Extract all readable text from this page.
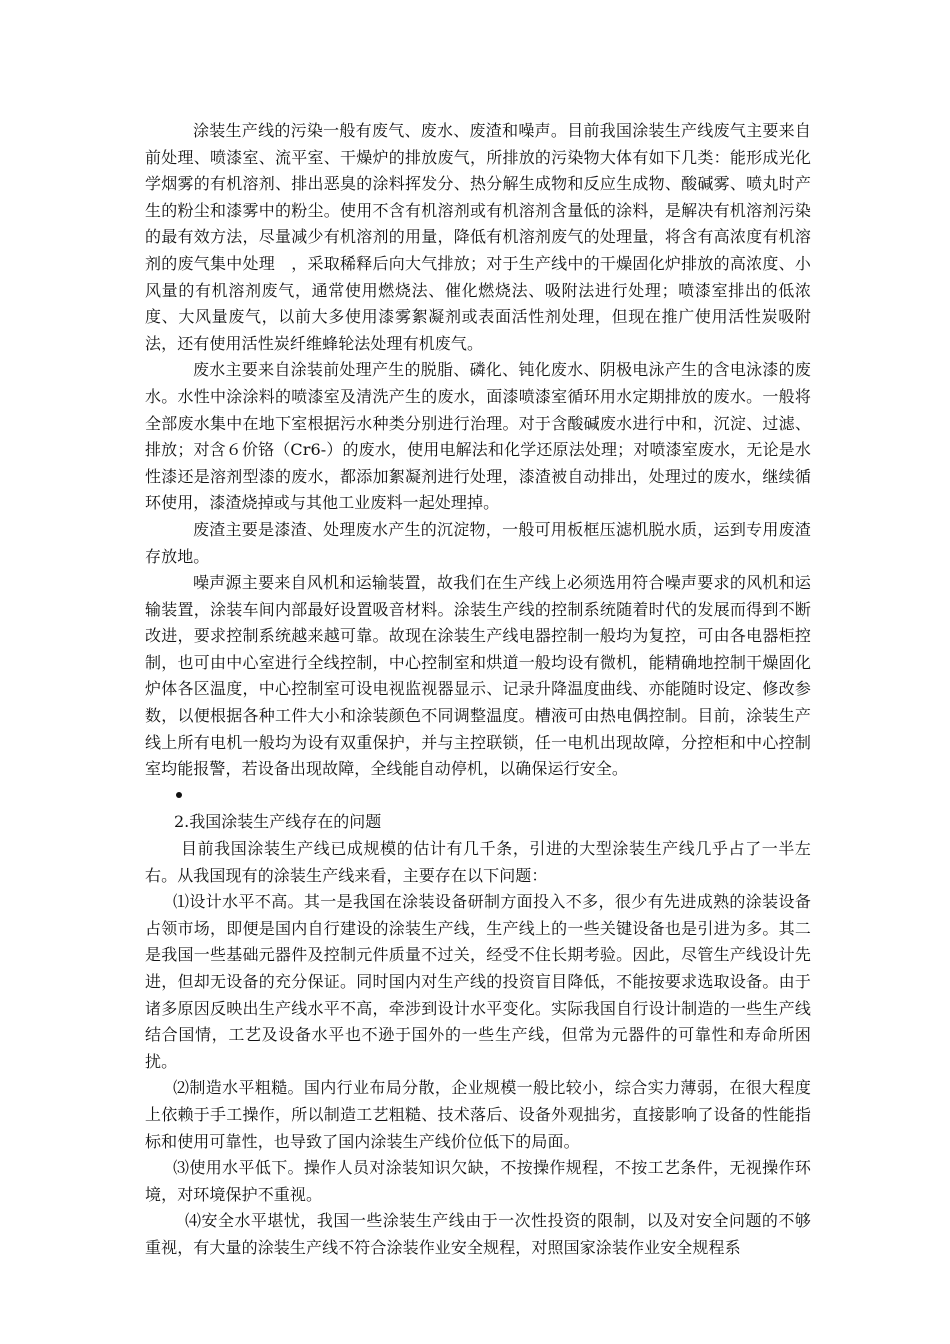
涂装生产线的污染一般有废气、废水、废渣和噪声。目前我国涂装生产线废气主要来自前处理、喷漆室、流平室、干燥炉的排放废气，所排放的污染物大体有如下几类：能形成光化学烟雾的有机溶剂、排出恶臭的涂料挥发分、热分解生成物和反应生成物、酸碱雾、喷丸时产生的粉尘和漆雾中的粉尘。使用不含有机溶剂或有机溶剂含量低的涂料，是解决有机溶剂污染的最有效方法，尽量减少有机溶剂的用量，降低有机溶剂废气的处理量，将含有高浓度有机溶剂的废气集中处理　，采取稀释后向大气排放；对于生产线中的干燥固化炉排放的高浓度、小风量的有机溶剂废气，通常使用燃烧法、催化燃烧法、吸附法进行处理；喷漆室排出的低浓度、大风量废气，以前大多使用漆雾絮凝剂或表面活性剂处理，但现在推广使用活性炭吸附法，还有使用活性炭纤维蜂轮法处理有机废气。

废水主要来自涂装前处理产生的脱脂、磷化、钝化废水、阴极电泳产生的含电泳漆的废水。水性中涂涂料的喷漆室及清洗产生的废水，面漆喷漆室循环用水定期排放的废水。一般将全部废水集中在地下室根据污水种类分别进行治理。对于含酸碱废水进行中和，沉淀、过滤、排放；对含６价铬（Cr6-）的废水，使用电解法和化学还原法处理；对喷漆室废水，无论是水性漆还是溶剂型漆的废水，都添加絮凝剂进行处理，漆渣被自动排出，处理过的废水，继续循环使用，漆渣烧掉或与其他工业废料一起处理掉。

废渣主要是漆渣、处理废水产生的沉淀物，一般可用板框压滤机脱水质，运到专用废渣存放地。

噪声源主要来自风机和运输装置，故我们在生产线上必须选用符合噪声要求的风机和运输装置，涂装车间内部最好设置吸音材料。涂装生产线的控制系统随着时代的发展而得到不断改进，要求控制系统越来越可靠。故现在涂装生产线电器控制一般均为复控，可由各电器柜控制，也可由中心室进行全线控制，中心控制室和烘道一般均设有微机，能精确地控制干燥固化炉体各区温度，中心控制室可设电视监视器显示、记录升降温度曲线、亦能随时设定、修改参数，以便根据各种工件大小和涂装颜色不同调整温度。槽液可由热电偶控制。目前，涂装生产线上所有电机一般均为设有双重保护，并与主控联锁，任一电机出现故障，分控柜和中心控制室均能报警，若设备出现故障，全线能自动停机，以确保运行安全。

2.我国涂装生产线存在的问题

目前我国涂装生产线已成规模的估计有几千条，引进的大型涂装生产线几乎占了一半左右。从我国现有的涂装生产线来看，主要存在以下问题：

⑴设计水平不高。其一是我国在涂装设备研制方面投入不多，很少有先进成熟的涂装设备占领市场，即便是国内自行建设的涂装生产线，生产线上的一些关键设备也是引进为多。其二是我国一些基础元器件及控制元件质量不过关，经受不住长期考验。因此，尽管生产线设计先进，但却无设备的充分保证。同时国内对生产线的投资盲目降低，不能按要求选取设备。由于诸多原因反映出生产线水平不高，牵涉到设计水平变化。实际我国自行设计制造的一些生产线结合国情，工艺及设备水平也不逊于国外的一些生产线，但常为元器件的可靠性和寿命所困扰。

⑵制造水平粗糙。国内行业布局分散，企业规模一般比较小，综合实力薄弱，在很大程度上依赖于手工操作，所以制造工艺粗糙、技术落后、设备外观拙劣，直接影响了设备的性能指标和使用可靠性，也导致了国内涂装生产线价位低下的局面。

⑶使用水平低下。操作人员对涂装知识欠缺，不按操作规程，不按工艺条件，无视操作环境，对环境保护不重视。

⑷安全水平堪忧，我国一些涂装生产线由于一次性投资的限制，以及对安全问题的不够重视，有大量的涂装生产线不符合涂装作业安全规程，对照国家涂装作业安全规程系
